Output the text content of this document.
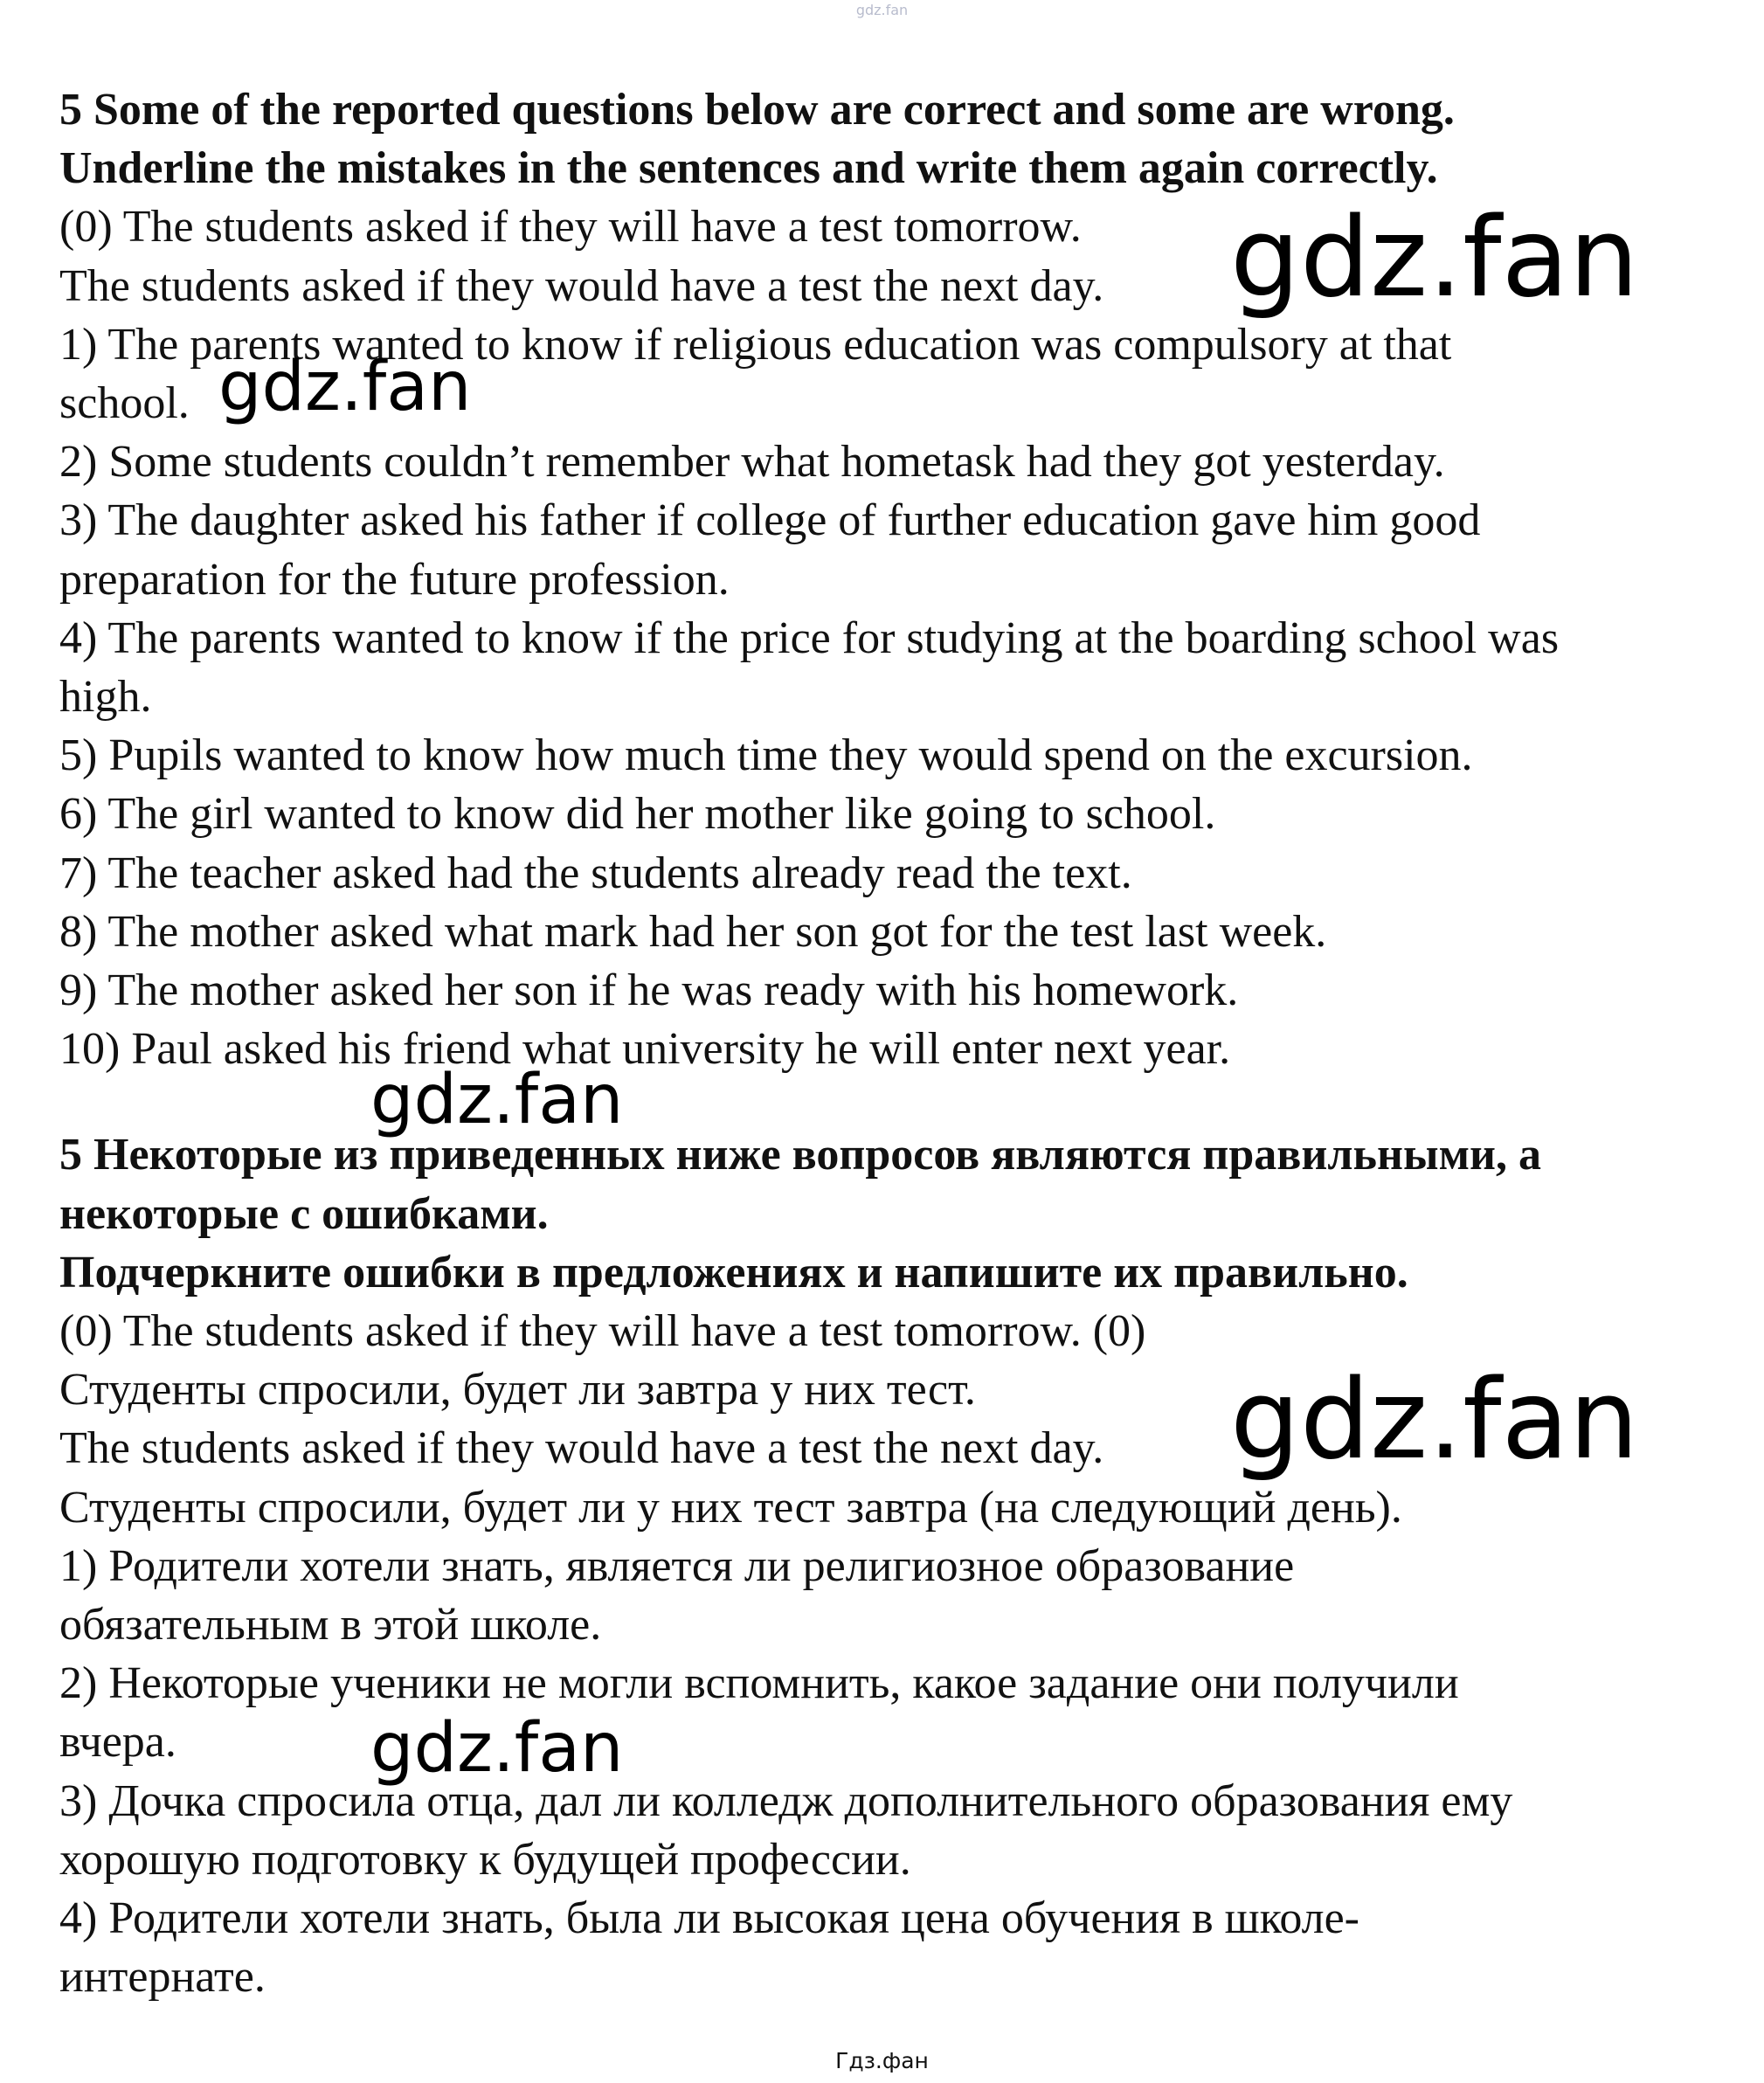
gdz.fan
5 Some of the reported questions below are correct and some are wrong.
Underline the mistakes in the sentences and write them again correctly.
(0) The students asked if they will have a test tomorrow.
The students asked if they would have a test the next day.
1) The parents wanted to know if religious education was compulsory at that
school.
2) Some students couldn’t remember what hometask had they got yesterday.
3) The daughter asked his father if college of further education gave him good
preparation for the future profession.
4) The parents wanted to know if the price for studying at the boarding school was
high.
5) Pupils wanted to know how much time they would spend on the excursion.
6) The girl wanted to know did her mother like going to school.
7) The teacher asked had the students already read the text.
8) The mother asked what mark had her son got for the test last week.
9) The mother asked her son if he was ready with his homework.
10) Paul asked his friend what university he will enter next year.
5 Некоторые из приведенных ниже вопросов являются правильными, а
некоторые с ошибками.
Подчеркните ошибки в предложениях и напишите их правильно.
(0) The students asked if they will have a test tomorrow. (0)
Студенты спросили, будет ли завтра у них тест.
The students asked if they would have a test the next day.
Студенты спросили, будет ли у них тест завтра (на следующий день).
1) Родители хотели знать, является ли религиозное образование
обязательным в этой школе.
2) Некоторые ученики не могли вспомнить, какое задание они получили
вчера.
3) Дочка спросила отца, дал ли колледж дополнительного образования ему
хорошую подготовку к будущей профессии.
4) Родители хотели знать, была ли высокая цена обучения в школе-
интернате.
gdz.fan
gdz.fan
gdz.fan
gdz.fan
gdz.fan
Гдз.фан
